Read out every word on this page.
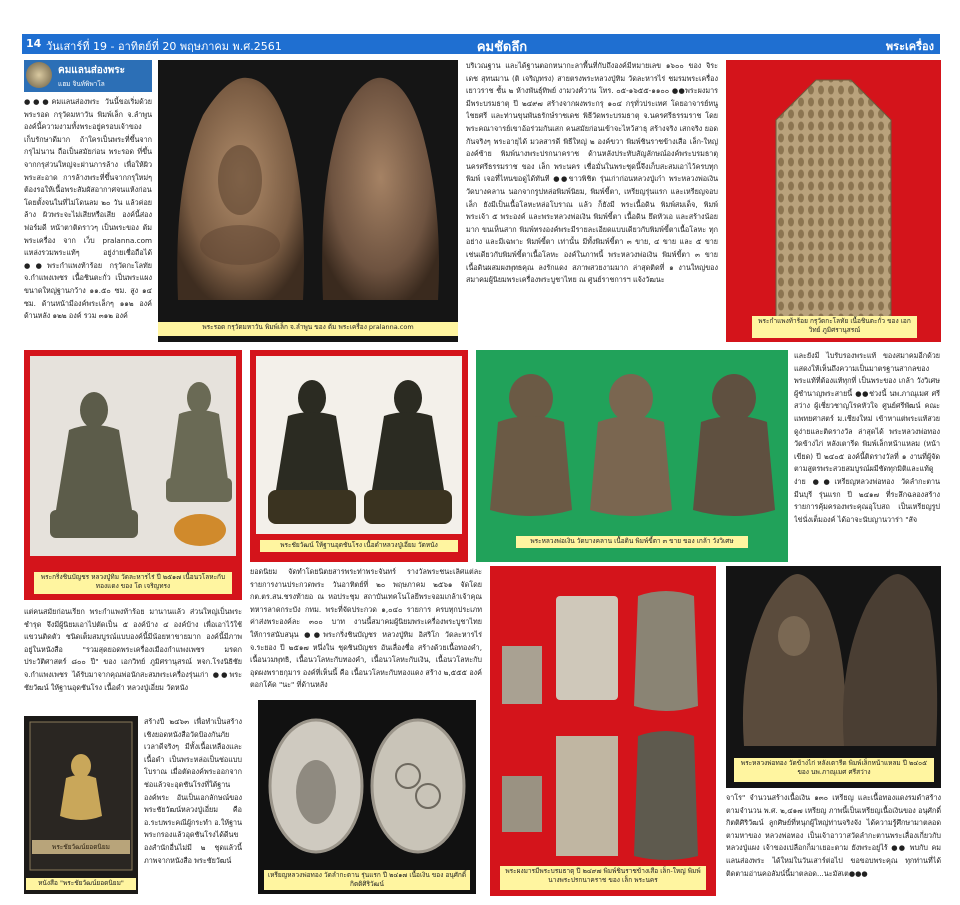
14 วันเสาร์ที่ 19 - อาทิตย์ที่ 20 พฤษภาคม พ.ศ.2561	คมชัดลึก	พระเครื่อง
คมแลนส่องพระ
แฮม จินท์พิพาโล
●●●คมแลนส่องพระ วันนี้ขอเริ่มด้วย พระรอด กรุวัดมหาวัน พิมพ์เล็ก จ.ลำพูน องค์นี้ความงามทั้งพระอยู่ครอบเจ้าของเก็บรักษาดีมาก ถ้าใครเป็นพระที่ขึ้นจากกรุไม่นาน ถือเป็นสมัยก่อน พระรอด ที่ขึ้นจากกรุส่วนใหญ่จะผ่านการล้าง เพื่อให้ผิวพระสะอาด การล้างพระที่ขึ้นจากกรุใหม่ๆ ต้องรอให้เนื้อพระสัมผัสอากาศจนแห้งก่อน โดยตั้งจนในที่ไม่โดนลม ๒๐ วัน แล้วค่อยล้าง ผิวพระจะไม่เสียหรือเสีย องค์นี้ส่องฟอร์มดี หน้าตาติดราวๆ เป็นพระของ ต้ม พระเครื่อง จาก เว็บ pralanna.com แหล่งรวมพระแท้ๆ อยู่ง่ายเชื่อถือได้ ●●พระกำแพงท้าร้อย กรุวัดกะโลทัย จ.กำแพงเพชร เนื้อชินตะกั่ว เป็นพระแผงขนาดใหญ่ฐานกว้าง ๑๑.๕๐ ซม. สูง ๑๔ ซม. ด้านหน้ามีองค์พระเล็กๆ ๑๑๒ องค์ ด้านหลัง ๑๒๒ องค์ รวม ๓๑๒ องค์
พระรอด กรุวัดมหาวัน พิมพ์เล็ก จ.ลำพูน ของ ต้ม พระเครื่อง pralanna.com
บริเวณฐาน และได้ฐานตอกหนากะลาพื้นที่กับถึงองค์มีหมายเลข ๑๖๐๐ ของ จิระเดช สุทนมาน (ติ เจริญทรง) สายตรงพระหลวงปู่ทิม วัดละหารไร่ ชมรมพระเครื่องเยาวราช ชั้น ๒ ห้างพันธุ์ทิพย์ งามวงศ์วาน โทร. ๐๕-๑๖๕๕-๑๑๐๐ ●●พระผงมารมีพระบรมธาตุ ปี ๒๔๙๗ สร้างจากผงพระกรุ ๑๐๔ กรุทั่วประเทศ โดยอาจารย์หนู ไชยศรี และท่านขุนพันธรักษ์ราชเดช พิธีวัดพระบรมธาตุ จ.นครศรีธรรมราช โดยพระคณาจารย์เขาอ้อร่วมกันเสก คนสมัยก่อนเข้าจะไหว้สาธุ สร้างจริง เสกจริง ยอดกันจริงๆ พระอายุได้ มวลสารดี พิธีใหญ่ ๒ องค์ขวา พิมพ์ชินราชข้างเสือ เล็ก-ใหญ่ องค์ซ้าย พิมพ์นางพระปรกนาคราช ด้านหลังประทับสัญลักษณ์องค์พระบรมธาตุนครศรีธรรมราช ของ เล็ก พระนคร เชื่อมั่นในพระชุดนี้จึงเก็บสะสมเอาไว้ครบทุกพิมพ์ เจอที่ไหนขอดูได้ทันที ●●ขาวพิชิต รุ่นเก่าก่อนหลวงปู่เก๋า พระหลวงพ่อเงิน วัดบางคลาน นอกจากรูปหล่อพิมพ์นิยม, พิมพ์ขี้ตา, เหรียญรุ่นแรก และเหรียญจอบเล็ก ยังมีเป็นเนื้อโลหะหล่อโบราณ แล้ว ก็ยังมี พระเนื้อดิน พิมพ์สมเด็จ, พิมพ์พระเจ้า ๕ พระองค์ และพระหลวงพ่อเงิน พิมพ์ขี้ตา เนื้อดิน ยึดหัวเอ และสร้างน้อยมาก ขนเห็นสาก พิมพ์ทรงองค์พระมีรายละเอียดแบบเดียวกับพิมพ์ขี้ตาเนื้อโลหะ ทุกอย่าง และมีเฉพาะ พิมพ์ขี้ตา เท่านั้น มีทั้งพิมพ์ขี้ตา ๓ ขาย, ๔ ขาย และ ๕ ขาย เช่นเดียวกับพิมพ์ขี้ตาเนื้อโลหะ องค์ในภาพนี้ พระหลวงพ่อเงิน พิมพ์ขี้ตา ๓ ขาย เนื้อดินผสมผงพุทธคุณ ลงรักแดง สภาพสวยงามมาก ล่าสุดติดที่ ๑ งานใหญ่ของสมาคมผู้นิยมพระเครื่องพระบูชาไทย ณ ศูนย์ราชการฯ แจ้งวัฒนะ
พระกำแพงท้าร้อย กรุวัดกะโลทัย เนื้อชินตะกั่ว ของ เอกวิทย์ ภูมิศรานุสรณ์
พระกริ่งชินบัญชร หลวงปู่ทิม วัดละหารไร่ ปี ๒๕๑๗ เนื้อนวโลหะกับทองแดง ของ โต เจริญทรง
พระชัยวัฒน์ ให้ฐานอุดชันโรง เนื้อดำหลวงปู่เอี่ยม วัดหนัง	พระหลวงพ่อเงิน วัดบางคลาน เนื้อดิน พิมพ์ขี้ตา ๓ ขาย ของ เกล้า วังวิเศษ
และยังมี ไบรับรองพระแท้ ของสมาคมอีกด้วย แสดงให้เห็นถึงความเป็นมาตรฐานสากลของพระแท้ที่ต้องแท้ทุกที่ เป็นพระของ เกล้า วังวิเศษ ผู้ชำนาญพระสายนี้ ●●ช่วงนี้ นพ.ภาณุเมศ ศรีสว่าง ผู้เชี่ยวชาญโรคหัวใจ ศูนย์ศรีพัฒน์ คณะแพทยศาสตร์ ม.เชียงใหม่ เข้าหาแต่พระแท้สวยดูง่ายและติดรางวัล ล่าสุดได้ พระหลวงพ่อทอง วัดข้างไก่ หลังเตารีด พิมพ์เล็กหน้าแหลม (หน้าเขียด) ปี ๒๔๐๕ องค์นี้ติดรางวัลที่ ๑ งานที่ผู้จัด ตามสูตรพระสวยสมบูรณ์ผมีชัดทุกมิติและแท้ดูง่าย ●●เหรียญหลวงพ่อทอง วัดลำกะตาน มีนบุรี รุ่นแรก ปี ๒๔๑๗ ที่ระลึกฉลองสร้างรายการคุ้มครองพระคุณอุโบสถ เป็นเหรียญรูปไข่นั่งเต็มองค์ ได้อาจะนับญานวาร่า "สัจ
แต่คนสมัยก่อนเรียก พระกำแพงท้าร้อย มานานแล้ว ส่วนใหญ่เป็นพระชำรุด จึงมีผู้นิยมเอาไปตัดเป็น ๕ องค์บ้าง ๔ องค์บ้าง เพื่อเอาไว้ใช้แขวนติดตัว ชนิดเต็มสมบูรณ์แบบองค์นี้มีน้อยหาขายมาก องค์นี้มีภาพอยู่ในหนังสือ "รวมสุดยอดพระเครื่องเมืองกำแพงเพชร มรดกประวัติศาสตร์ ๘๐๐ ปี" ของ เอกวิทย์ ภูมิศรานุสรณ์ หจก.โรงนิธิชัย จ.กำแพงเพชร ได้รับมาจากคุณพ่อนักสะสมพระเครื่องรุ่นเก่า ●●พระชัยวัฒน์ ให้ฐานอุดชันโรง เนื้อดำ หลวงปู่เอี่ยม วัดหนัง
พระชัยวัฒน์ยอดนิยม
หนังสือ "พระชัยวัฒน์ยอดนิยม"
สร้างปี ๒๔๖๓ เพื่อทำเป็นสร้างเชิงยอดหนังสือวัดป้องกันภัยเวลาดีจริงๆ มีทั้งเนื้อเหลืองและเนื้อดำ เป็นพระหล่อเป็นช่อแบบโบราณ เมื่อตัดองค์พระออกจากช่อแล้วจะอุดชันโรงที่ใต้ฐานองค์พระ อันเป็นเอกลักษณ์ของ พระชัยวัฒน์หลวงปู่เอี่ยม คือ อ.ระบพระคณีผู้กระทำ อ.ให้ฐานพระกรองแล้วอุดชันโรงได้ดีนของสำนักอื่นไม่มี ๒ ชุดแล้วนี้ภาพจากหนังสือ พระชัยวัฒน์
ยอดนิยม จัดทำโดยนิตยสารพระท่าพระจันทร์ รางวัลพระชนะเลิศแต่ละรายการงานประกวดพระ วันอาทิตย์ที่ ๒๐ พฤษภาคม ๒๕๖๑ จัดโดย กต.ตร.สน.ชรงท้ายอ ณ หอประชุม สถาบันเทคโนโลยีพระจอมเกล้าเจ้าคุณทหารลาดกระบัง กทม. พระที่จัดประกวด ๑,๐๔๐ รายการ ครบทุกประเภท ค่าส่งพระองค์ละ ๓๐๐ บาท งานนี้สมาคมผู้นิยมพระเครื่องพระบูชาไทย ให้การสนับสนุน ●●พระกริ่งชินบัญชร หลวงปู่ทิม อิสริโก วัดละหารไร่ จ.ระยอง ปี ๒๕๑๗ หนึ่งใน ชุดชินบัญชร อันเลื่องชื่อ สร้างด้วยเนื้อทองคำ, เนื้อนวมพุทธิ, เนื้อนวโลหะกับทองคำ, เนื้อนวโลหะกับเงิน, เนื้อนวโลหะกับอุดผงพรายกุมาร องค์ที่เห็นนี้ คือ เนื้อนวโลหะกับทองแดง สร้าง ๒,๕๕๕ องค์ ตอกโค้ด "นะ" ที่ด้านหลัง
เหรียญหลวงพ่อทอง วัดลำกะตาน รุ่นแรก ปี ๒๔๑๗ เนื้อเงิน ของ อนุศักดิ์ กิตติศิริวัฒน์
พระผงมารมีพระบรมธาตุ ปี ๒๔๙๗ พิมพ์ชินราชข้างเสือ เล็ก-ใหญ่ พิมพ์นางพระปรกนาคราช ของ เล็ก พระนคร
พระหลวงพ่อทอง วัดข้างไก่ หลังเตารีด พิมพ์เล็กหน้าแหลม ปี ๒๔๐๕ ของ นพ.ภาณุเมศ ศรีสว่าง
จาโร" จำนวนสร้างเนื้อเงิน ๑๓๐ เหรียญ และเนื้อทองแดงรมดำสร้างตามจำนวน พ.ศ. ๒,๔๑๗ เหรียญ ภาพนี้เป็นเหรียญเนื้อเงินของ อนุศักดิ์ กิตติศิริวัฒน์ ลูกศิษย์ที่หนุกผู้ใหญ่ท่านจริงจัง ได้ความรู้ศึกษามาตลอดตามหาของ หลวงพ่อทอง เป็นเจ้าอาวาสวัดลำกะตานพระเลื่องเกี่ยวกับหลวงปู่แผง เจ้าของเปลือกก็มาเยอะตาม ยังพระอยู่ไร้ ●● พบกับ คมแลนส่องพระ ได้ใหม่ในวันเสาร์ต่อไป ขอขอบพระคุณ ทุกท่านที่ได้ติดตามอ่านคอลัมน์นี้มาตลอด...นะมัสเต●●●
